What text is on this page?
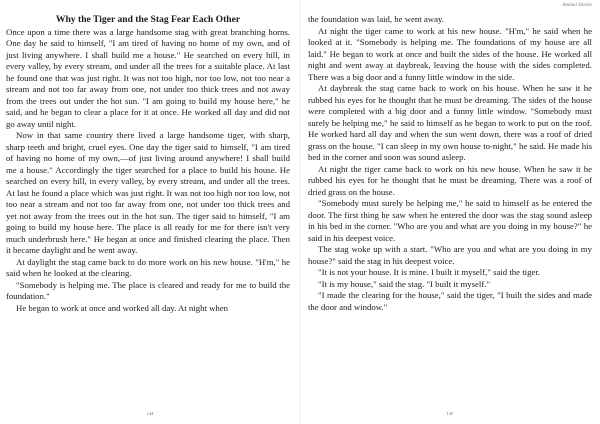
Why the Tiger and the Stag Fear Each Other

Once upon a time there was a large handsome stag with great branching horns. One day he said to himself, "I am tired of having no home of my own, and of just living anywhere. I shall build me a house." He searched on every hill, in every valley, by every stream, and under all the trees for a suitable place. At last he found one that was just right. It was not too high, nor too low, not too near a stream and not too far away from one, not under too thick trees and not away from the trees out under the hot sun. "I am going to build my house here," he said, and he began to clear a place for it at once. He worked all day and did not go away until night.

Now in that same country there lived a large handsome tiger, with sharp, sharp teeth and bright, cruel eyes. One day the tiger said to himself, "I am tired of having no home of my own,—of just living around anywhere! I shall build me a house." Accordingly the tiger searched for a place to build his house. He searched on every hill, in every valley, by every stream, and under all the trees. At last he found a place which was just right. It was not too high nor too low, not too near a stream and not too far away from one, not under too thick trees and yet not away from the trees out in the hot sun. The tiger said to himself, "I am going to build my house here. The place is all ready for me for there isn't very much underbrush here." He began at once and finished clearing the place. Then it became daylight and he went away.

At daylight the stag came back to do more work on his new house. "H'm," he said when he looked at the clearing.

"Somebody is helping me. The place is cleared and ready for me to build the foundation."

He began to work at once and worked all day. At night when

144
Animal Stories

the foundation was laid, he went away.

At night the tiger came to work at his new house. "H'm," he said when he looked at it. "Somebody is helping me. The foundations of my house are all laid." He began to work at once and built the sides of the house. He worked all night and went away at daybreak, leaving the house with the sides completed. There was a big door and a funny little window in the side.

At daybreak the stag came back to work on his house. When he saw it he rubbed his eyes for he thought that he must be dreaming. The sides of the house were completed with a big door and a funny little window. "Somebody must surely be helping me," he said to himself as he began to work to put on the roof. He worked hard all day and when the sun went down, there was a roof of dried grass on the house. "I can sleep in my own house to-night," he said. He made his bed in the corner and soon was sound asleep.

At night the tiger came back to work on his new house. When he saw it he rubbed his eyes for he thought that he must be dreaming. There was a roof of dried grass on the house.

"Somebody must surely be helping me," he said to himself as he entered the door. The first thing he saw when he entered the door was the stag sound asleep in his bed in the corner. "Who are you and what are you doing in my house?" he said in his deepest voice.

The stag woke up with a start. "Who are you and what are you doing in my house?" said the stag in his deepest voice.

"It is not your house. It is mine. I built it myself," said the tiger.

"It is my house," said the stag. "I built it myself."

"I made the clearing for the house," said the tiger, "I built the sides and made the door and window."

145
